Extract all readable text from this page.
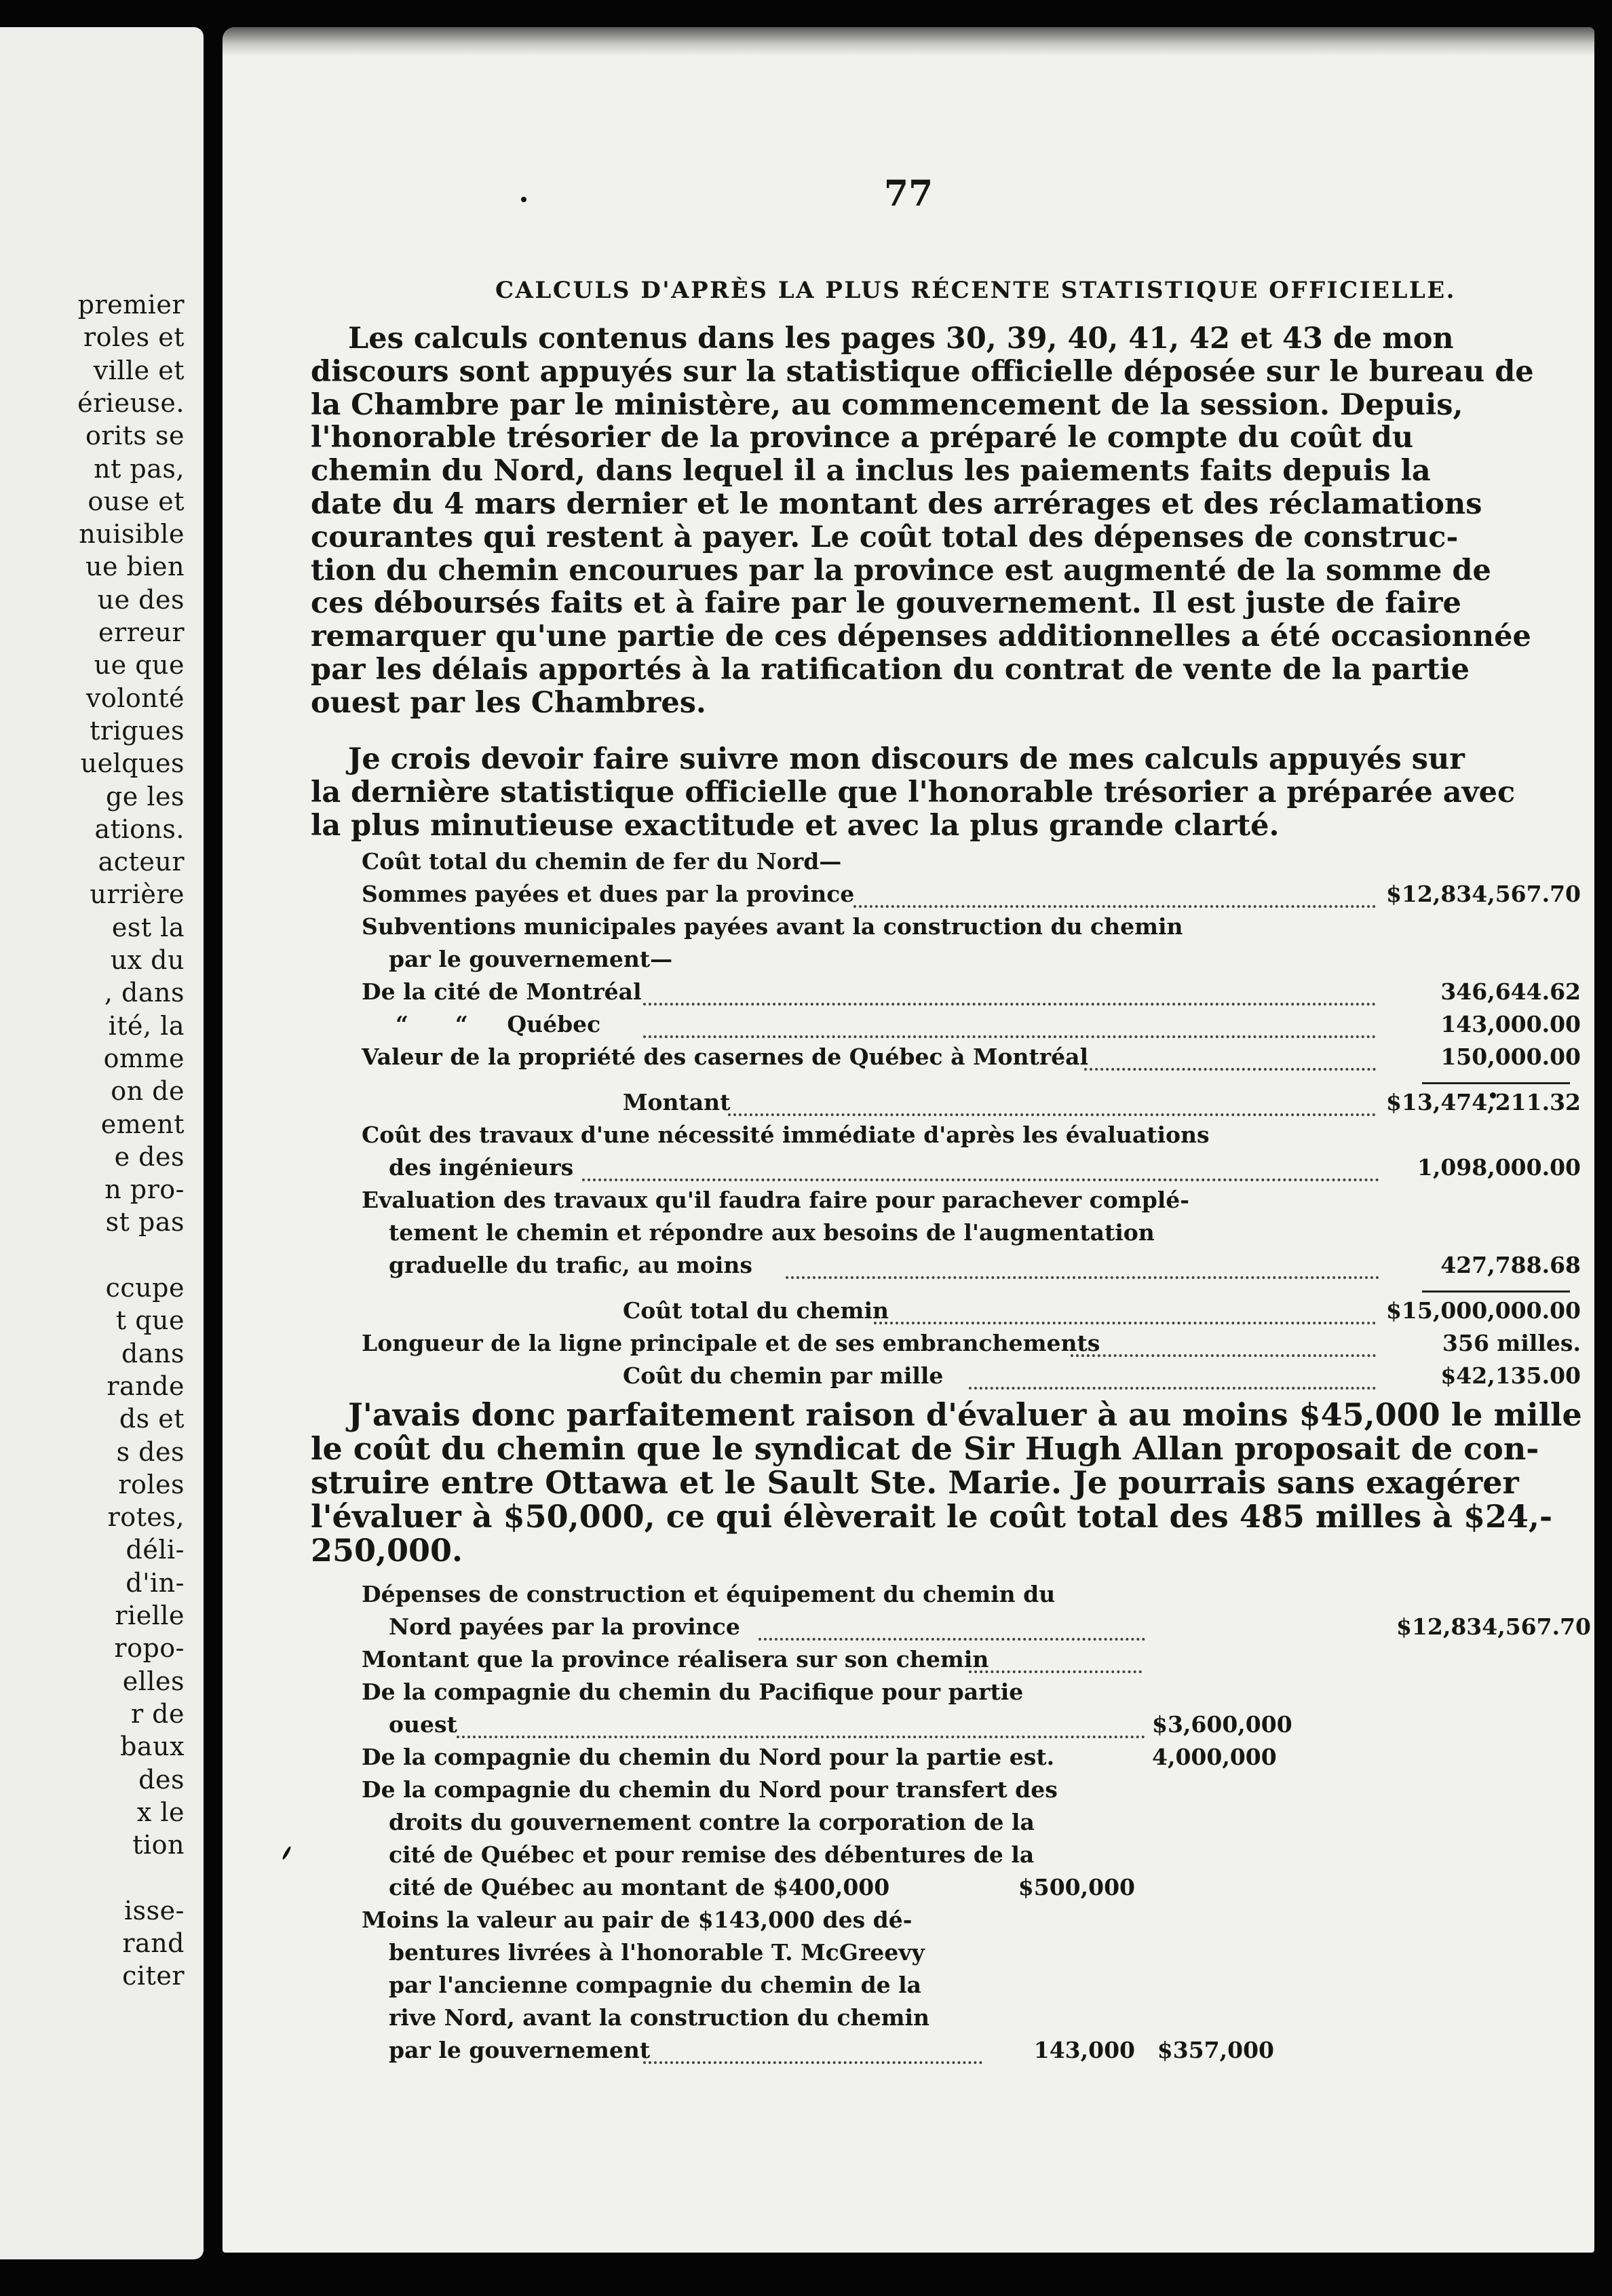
premier
roles et
ville et
érieuse.
orits se
nt pas,
ouse et
nuisible
ue bien
ue des
erreur
ue que
volonté
trigues
uelques
ge les
ations.
acteur
urrière
est la
ux du
, dans
ité, la
omme
on de
ement
e des
n pro-
st pas
ccupe
t que
dans
rande
ds et
s des
roles
rotes,
déli-
d'in-
rielle
ropo-
elles
r de
baux
des
x le
tion
isse-
rand
citer
77
CALCULS D'APRÈS LA PLUS RÉCENTE STATISTIQUE OFFICIELLE.
Les calculs contenus dans les pages 30, 39, 40, 41, 42 et 43 de mon
discours sont appuyés sur la statistique officielle déposée sur le bureau de
la Chambre par le ministère, au commencement de la session. Depuis,
l'honorable trésorier de la province a préparé le compte du coût du
chemin du Nord, dans lequel il a inclus les paiements faits depuis la
date du 4 mars dernier et le montant des arrérages et des réclamations
courantes qui restent à payer. Le coût total des dépenses de construc-
tion du chemin encourues par la province est augmenté de la somme de
ces déboursés faits et à faire par le gouvernement. Il est juste de faire
remarquer qu'une partie de ces dépenses additionnelles a été occasionnée
par les délais apportés à la ratification du contrat de vente de la partie
ouest par les Chambres.
Je crois devoir faire suivre mon discours de mes calculs appuyés sur
la dernière statistique officielle que l'honorable trésorier a préparée avec
la plus minutieuse exactitude et avec la plus grande clarté.
Coût total du chemin de fer du Nord—
Sommes payées et dues par la province	$12,834,567.70
Subventions municipales payées avant la construction du chemin
par le gouvernement—
De la cité de Montréal	346,644.62
“      “     Québec	143,000.00
Valeur de la propriété des casernes de Québec à Montréal	150,000.00
Montant	$13,474,211.32
Coût des travaux d'une nécessité immédiate d'après les évaluations
des ingénieurs	1,098,000.00
Evaluation des travaux qu'il faudra faire pour parachever complé-
tement le chemin et répondre aux besoins de l'augmentation
graduelle du trafic, au moins	427,788.68
Coût total du chemin	$15,000,000.00
Longueur de la ligne principale et de ses embranchements	356 milles.
Coût du chemin par mille	$42,135.00
J'avais donc parfaitement raison d'évaluer à au moins $45,000 le mille
le coût du chemin que le syndicat de Sir Hugh Allan proposait de con-
struire entre Ottawa et le Sault Ste. Marie. Je pourrais sans exagérer
l'évaluer à $50,000, ce qui élèverait le coût total des 485 milles à $24,-
250,000.
Dépenses de construction et équipement du chemin du
Nord payées par la province	$12,834,567.70
Montant que la province réalisera sur son chemin
De la compagnie du chemin du Pacifique pour partie
ouest	$3,600,000
De la compagnie du chemin du Nord pour la partie est.	4,000,000
De la compagnie du chemin du Nord pour transfert des
droits du gouvernement contre la corporation de la
cité de Québec et pour remise des débentures de la
cité de Québec au montant de $400,000	$500,000
Moins la valeur au pair de $143,000 des dé-
bentures livrées à l'honorable T. McGreevy
par l'ancienne compagnie du chemin de la
rive Nord, avant la construction du chemin
par le gouvernement	143,000 $357,000
